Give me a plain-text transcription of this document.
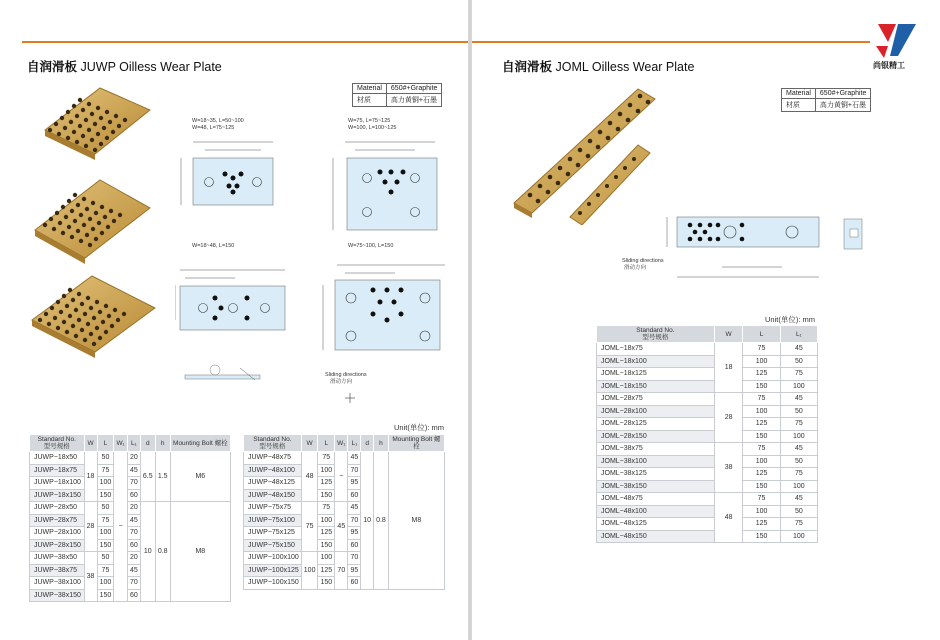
自润滑板 JUWP Oilless Wear Plate
Material	650#+Graphite
材质	高力黄铜+石墨
W=18~35, L=50~100
W=48, L=75~125
W=75, L=75~125
W=100, L=100~125
W=18~48, L=150	W=75~100, L=150
Sliding directions
滑动方向
Unit(单位): mm
Standard No.
型号规格	W	L	W₁	L₁	d	h	Mounting Bolt 螺栓
JUWP−18x50	18	50	−	20	6.5	1.5	M6
JUWP−18x75		75		45			
JUWP−18x100		100		70			
JUWP−18x150		150		60			
JUWP−28x50	28	50		20	10	0.8	M8
JUWP−28x75		75		45			
JUWP−28x100		100		70			
JUWP−28x150		150		60			
JUWP−38x50	38	50		20			
JUWP−38x75		75		45			
JUWP−38x100		100		70			
JUWP−38x150		150		60			
Standard No.
型号规格	W	L	W₁	L₁	d	h	Mounting Bolt 螺栓
JUWP−48x75	48	75	−	45	10	0.8	M8
JUWP−48x100		100		70			
JUWP−48x125		125		95			
JUWP−48x150		150		60			
JUWP−75x75	75	75	45	45			
JUWP−75x100		100		70			
JUWP−75x125		125		95			
JUWP−75x150		150		60			
JUWP−100x100	100	100	70	70			
JUWP−100x125		125		95			
JUWP−100x150		150		60			
自润滑板 JOML Oilless Wear Plate
Material	650#+Graphite
材质	高力黄铜+石墨
Sliding directions
滑动方向
Unit(单位): mm
Standard No.
型号规格	W	L	L₁
JOML−18x75	18	75	45
JOML−18x100		100	50
JOML−18x125		125	75
JOML−18x150		150	100
JOML−28x75	28	75	45
JOML−28x100		100	50
JOML−28x125		125	75
JOML−28x150		150	100
JOML−38x75	38	75	45
JOML−38x100		100	50
JOML−38x125		125	75
JOML−38x150		150	100
JOML−48x75	48	75	45
JOML−48x100		100	50
JOML−48x125		125	75
JOML−48x150		150	100
尚银精工
